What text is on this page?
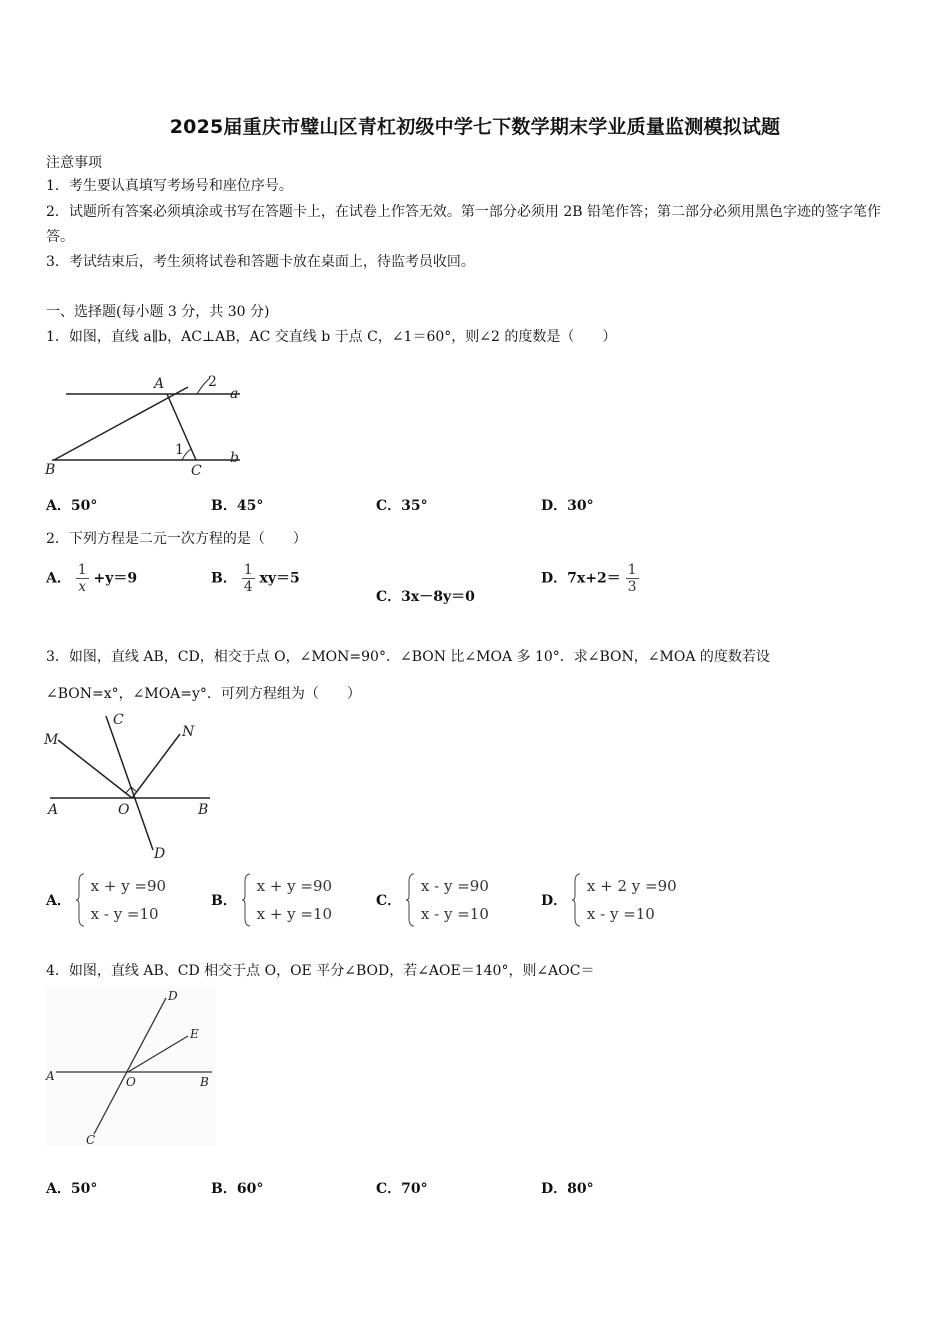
2025届重庆市璧山区青杠初级中学七下数学期末学业质量监测模拟试题
注意事项
1．考生要认真填写考场号和座位序号。
2．试题所有答案必须填涂或书写在答题卡上，在试卷上作答无效。第一部分必须用 2B 铅笔作答；第二部分必须用黑色字迹的签字笔作答。
3．考试结束后，考生须将试卷和答题卡放在桌面上，待监考员收回。
一、选择题(每小题 3 分，共 30 分)
1．如图，直线 a∥b，AC⊥AB，AC 交直线 b 于点 C，∠1＝60°，则∠2 的度数是（　　）
A	2
a
1	b
B	C
A．50°	B．45°	C．35°	D．30°
2．下列方程是二元一次方程的是（　　）
A． $\frac{1}{x} +y=9$	B． $\frac{1}{4} xy=5$
C．3x－8y＝0
D．$7x+2= \frac{1}{3}$
3．如图，直线 AB，CD，相交于点 O，∠MON=90°．∠BON 比∠MOA 多 10°．求∠BON，∠MOA 的度数若设
∠BON=x°，∠MOA=y°．可列方程组为（　　）
M
C
N
A	O	B
D
A．
x + y =90
x - y =10
B．
x + y =90
x + y =10
C．
x - y =90
x - y =10
D．
x + 2 y =90
x - y =10
4．如图，直线 AB、CD 相交于点 O，OE 平分∠BOD，若∠AOE＝140°，则∠AOC＝
D
E
A	O	B
C
A．50°	B．60°	C．70°	D．80°
